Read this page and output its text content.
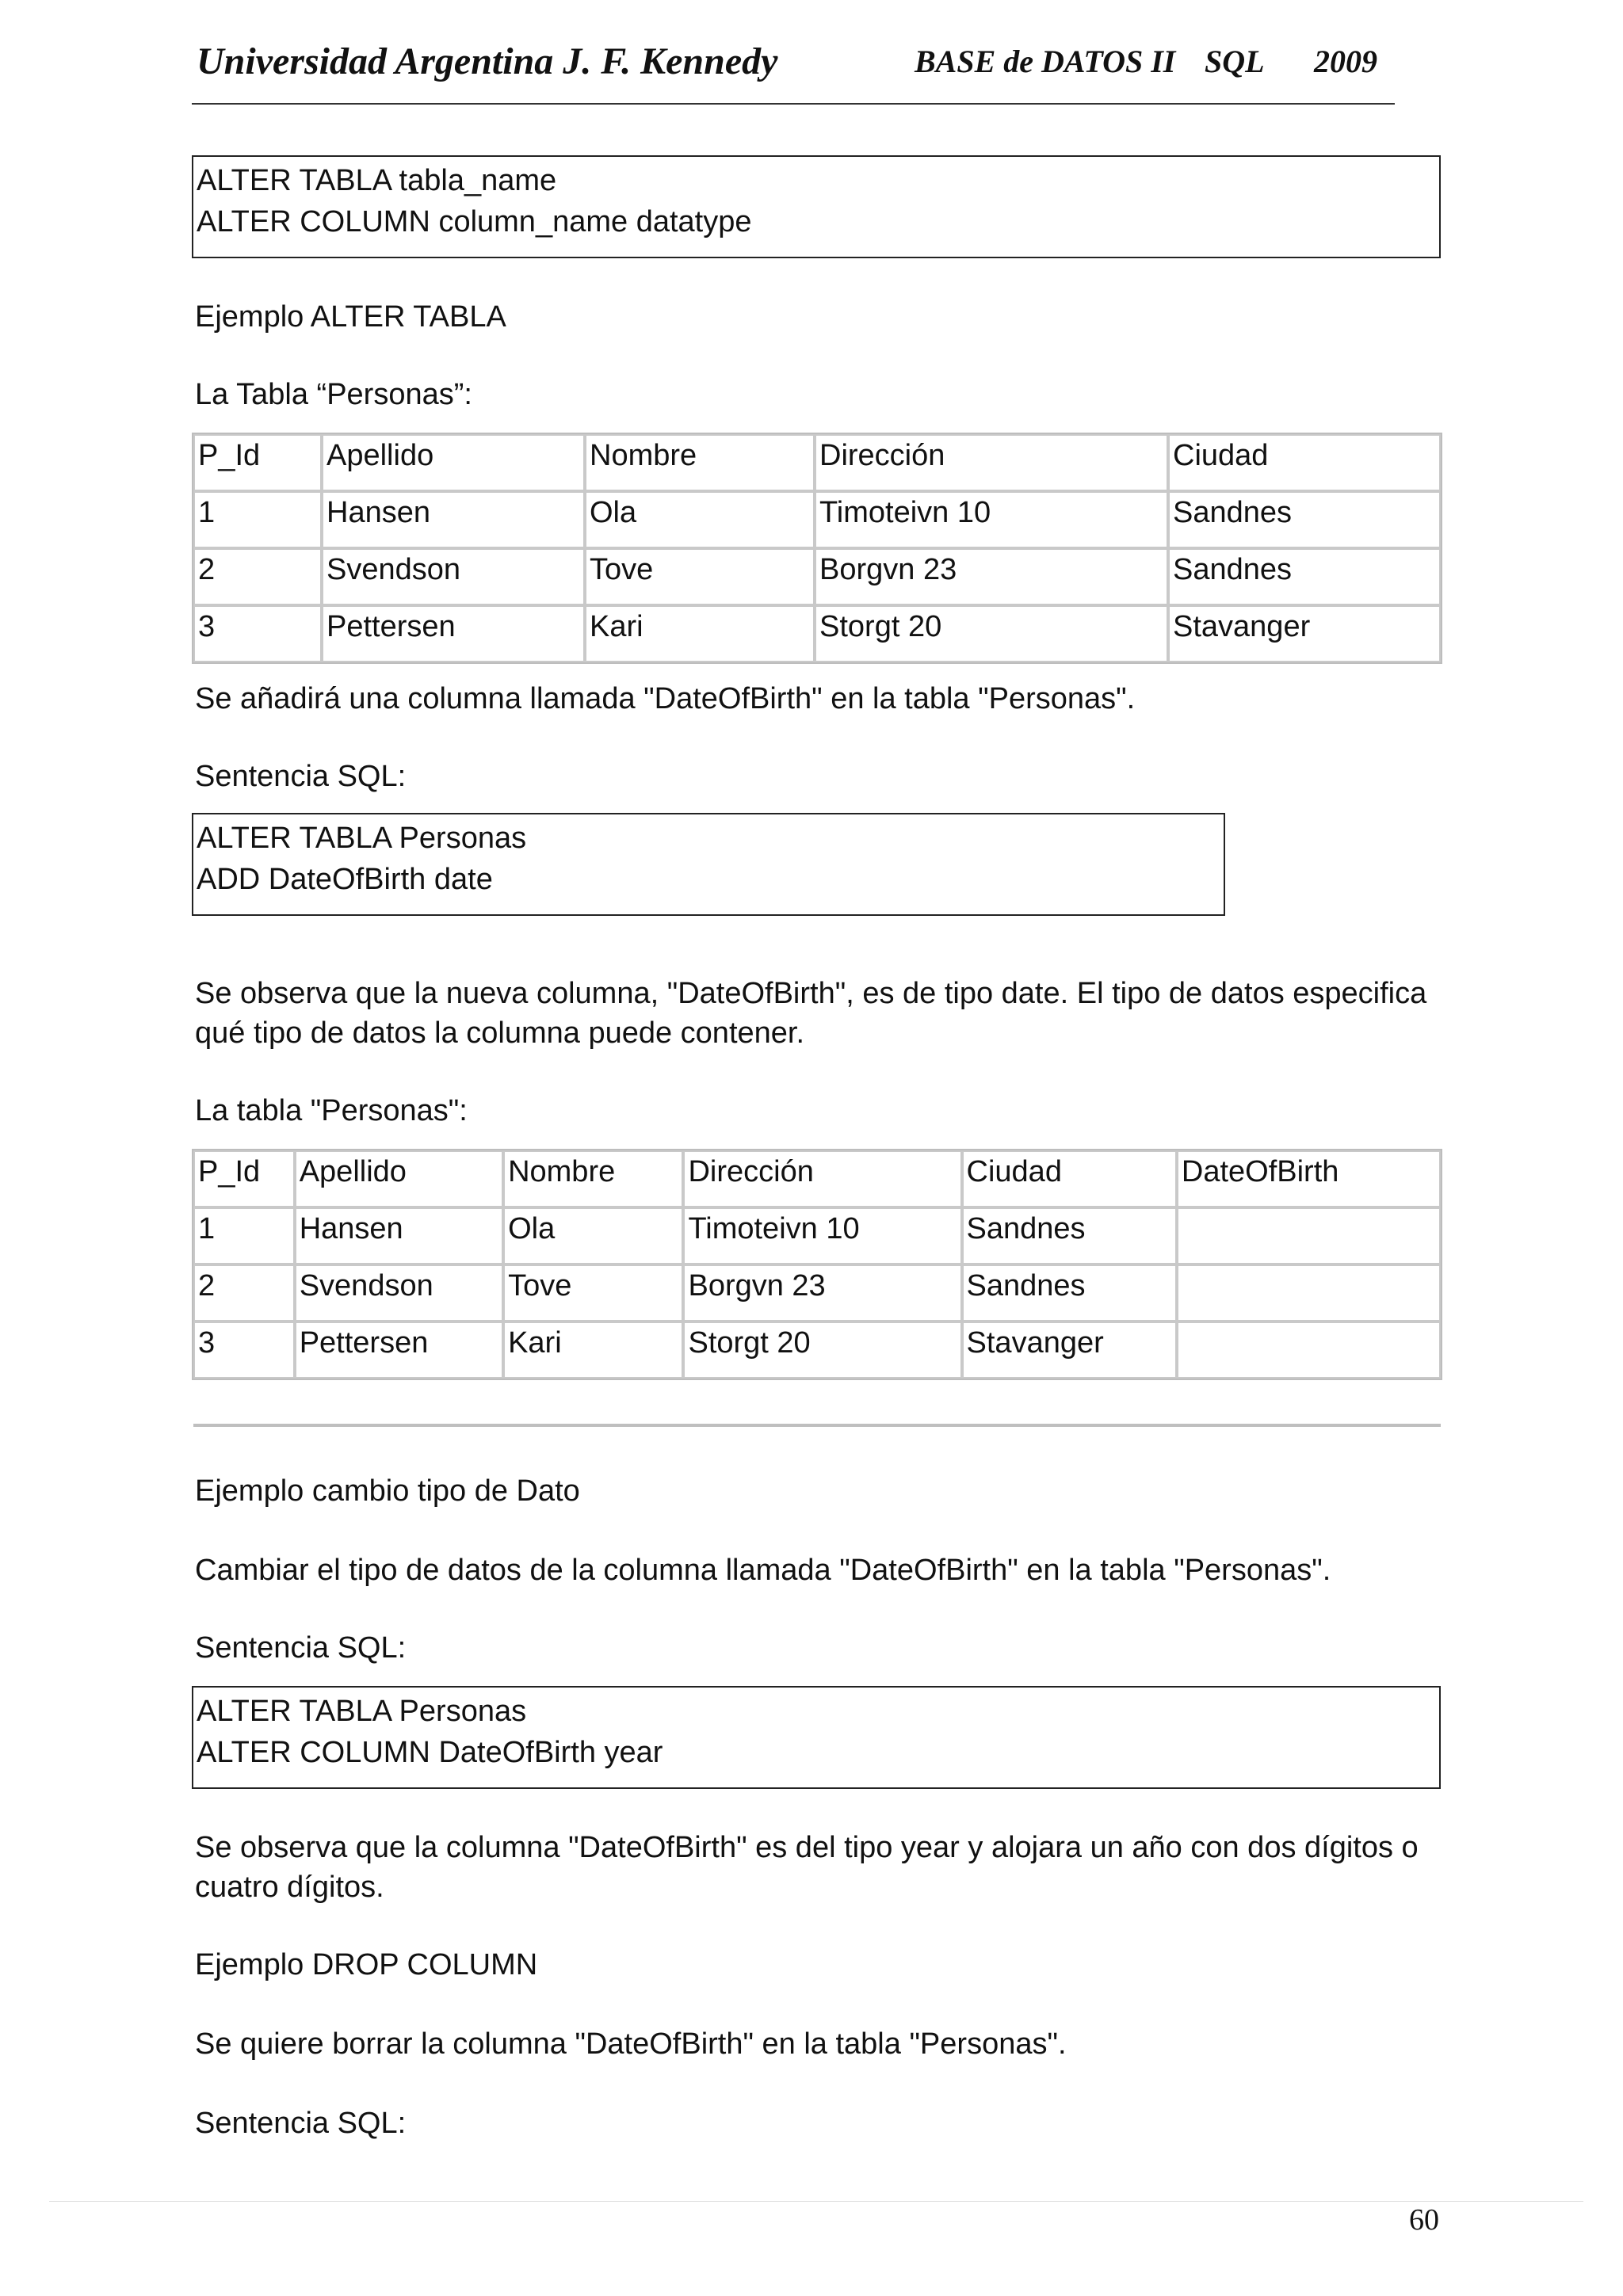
Universidad Argentina J. F. Kennedy	BASE de DATOS II SQL 2009
ALTER TABLA tabla_name
ALTER COLUMN column_name datatype
Ejemplo ALTER TABLA
La Tabla “Personas”:
P_Id	Apellido	Nombre	Dirección	Ciudad
1	Hansen	Ola	Timoteivn 10	Sandnes
2	Svendson	Tove	Borgvn 23	Sandnes
3	Pettersen	Kari	Storgt 20	Stavanger
Se añadirá una columna llamada "DateOfBirth" en la tabla "Personas".
Sentencia SQL:
ALTER TABLA Personas
ADD DateOfBirth date
Se observa que la nueva columna, "DateOfBirth", es de tipo date. El tipo de datos especifica
qué tipo de datos la columna puede contener.
La tabla "Personas":
P_Id	Apellido	Nombre	Dirección	Ciudad	DateOfBirth
1	Hansen	Ola	Timoteivn 10	Sandnes	
2	Svendson	Tove	Borgvn 23	Sandnes	
3	Pettersen	Kari	Storgt 20	Stavanger	
Ejemplo cambio tipo de Dato
Cambiar el tipo de datos de la columna llamada "DateOfBirth" en la tabla "Personas".
Sentencia SQL:
ALTER TABLA Personas
ALTER COLUMN DateOfBirth year
Se observa que la columna "DateOfBirth" es del tipo year y alojara un año con dos dígitos o
cuatro dígitos.
Ejemplo DROP COLUMN
Se quiere borrar la columna "DateOfBirth" en la tabla "Personas".
Sentencia SQL:
60
